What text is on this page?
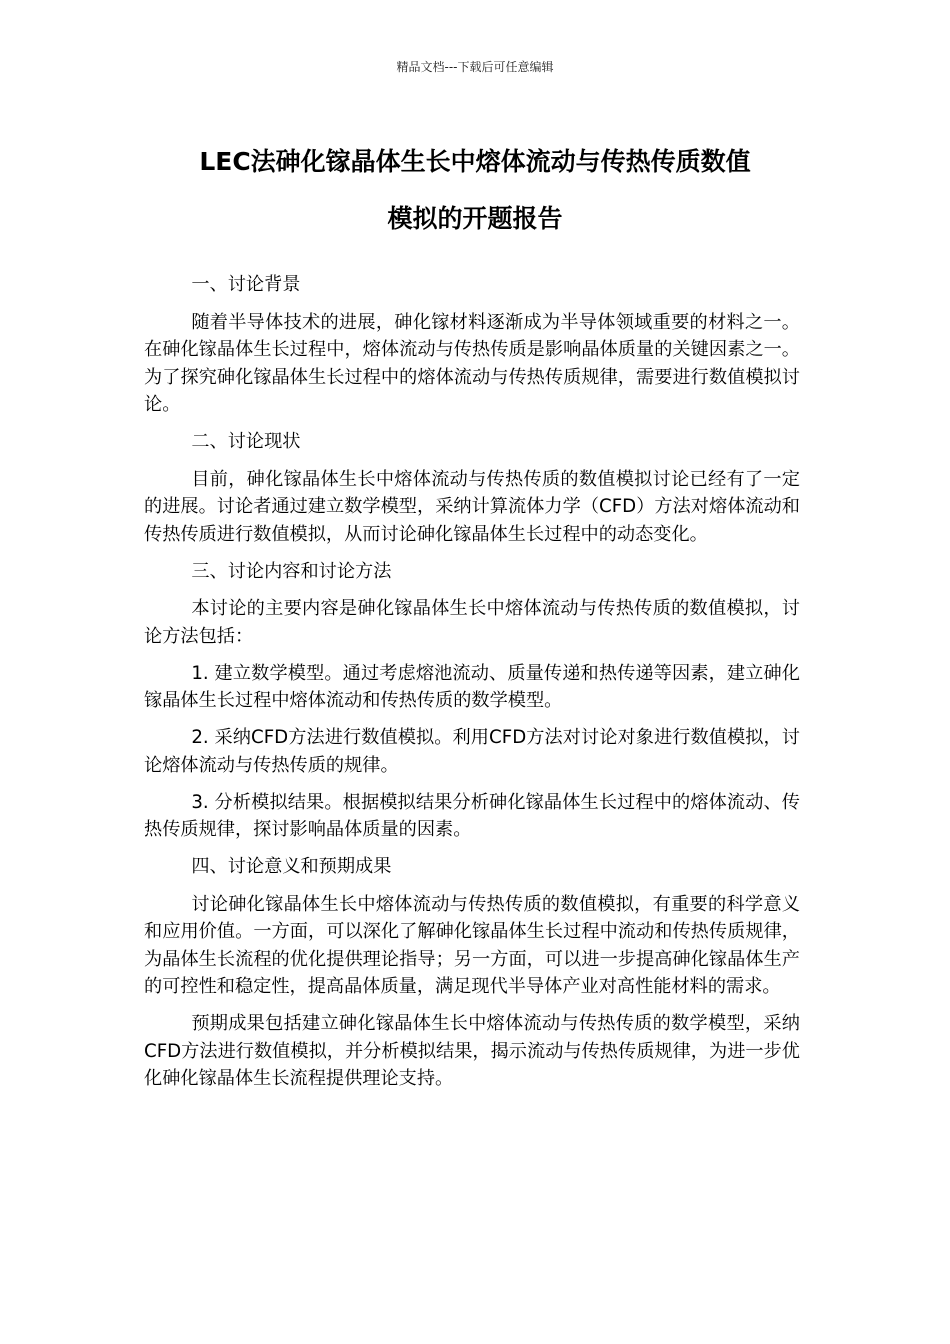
精品文档---下载后可任意编辑
LEC法砷化镓晶体生长中熔体流动与传热传质数值
模拟的开题报告

一、讨论背景

随着半导体技术的进展，砷化镓材料逐渐成为半导体领域重要的材料之一。在砷化镓晶体生长过程中，熔体流动与传热传质是影响晶体质量的关键因素之一。为了探究砷化镓晶体生长过程中的熔体流动与传热传质规律，需要进行数值模拟讨论。

二、讨论现状

目前，砷化镓晶体生长中熔体流动与传热传质的数值模拟讨论已经有了一定的进展。讨论者通过建立数学模型，采纳计算流体力学（CFD）方法对熔体流动和传热传质进行数值模拟，从而讨论砷化镓晶体生长过程中的动态变化。

三、讨论内容和讨论方法

本讨论的主要内容是砷化镓晶体生长中熔体流动与传热传质的数值模拟，讨论方法包括：

1. 建立数学模型。通过考虑熔池流动、质量传递和热传递等因素，建立砷化镓晶体生长过程中熔体流动和传热传质的数学模型。

2. 采纳CFD方法进行数值模拟。利用CFD方法对讨论对象进行数值模拟，讨论熔体流动与传热传质的规律。

3. 分析模拟结果。根据模拟结果分析砷化镓晶体生长过程中的熔体流动、传热传质规律，探讨影响晶体质量的因素。

四、讨论意义和预期成果

讨论砷化镓晶体生长中熔体流动与传热传质的数值模拟，有重要的科学意义和应用价值。一方面，可以深化了解砷化镓晶体生长过程中流动和传热传质规律，为晶体生长流程的优化提供理论指导；另一方面，可以进一步提高砷化镓晶体生产的可控性和稳定性，提高晶体质量，满足现代半导体产业对高性能材料的需求。

预期成果包括建立砷化镓晶体生长中熔体流动与传热传质的数学模型，采纳CFD方法进行数值模拟，并分析模拟结果，揭示流动与传热传质规律，为进一步优化砷化镓晶体生长流程提供理论支持。
